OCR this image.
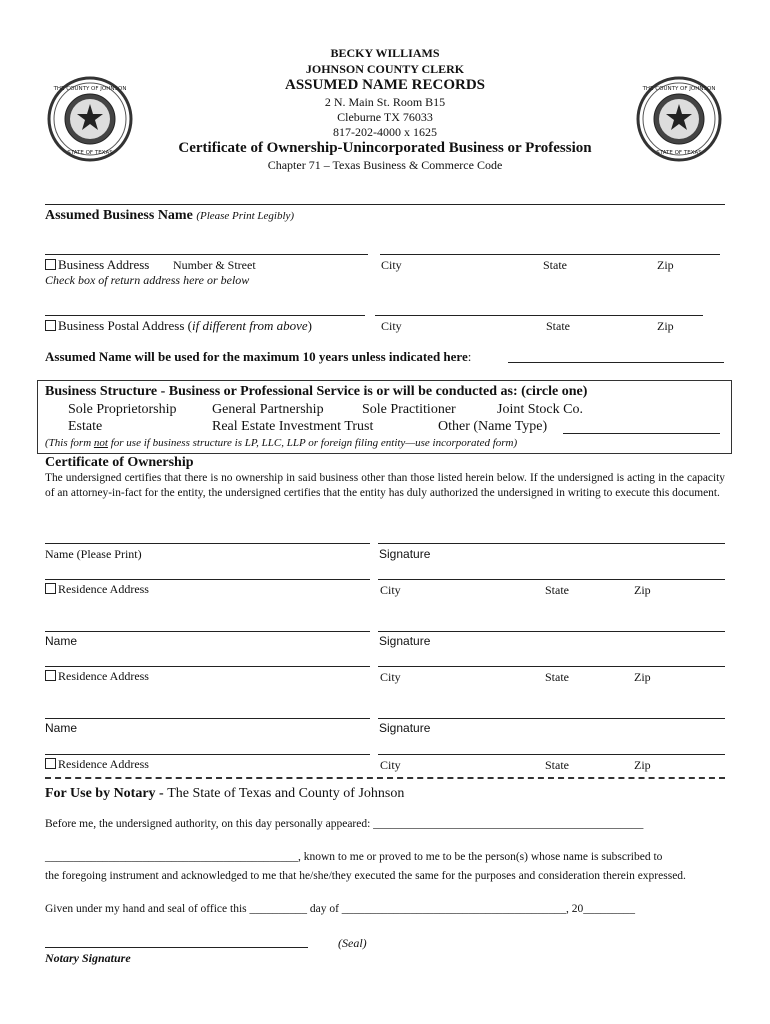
THE COUNTY OF JOHNSON
STATE OF TEXAS
THE COUNTY OF JOHNSON
STATE OF TEXAS
BECKY WILLIAMS
JOHNSON COUNTY CLERK
ASSUMED NAME RECORDS
2 N. Main St. Room B15
Cleburne TX 76033
817-202-4000 x 1625
Certificate of Ownership-Unincorporated Business or Profession
Chapter 71 – Texas Business & Commerce Code
Assumed Business Name (Please Print Legibly)
Business Address Number & Street	City	State	Zip
Check box of return address here or below
Business Postal Address (if different from above)	City	State	Zip
Assumed Name will be used for the maximum 10 years unless indicated here:
Business Structure - Business or Professional Service is or will be conducted as: (circle one)
Sole Proprietorship	General Partnership	Sole Practitioner	Joint Stock Co.
Estate	Real Estate Investment Trust	Other (Name Type)
(This form not for use if business structure is LP, LLC, LLP or foreign filing entity—use incorporated form)
Certificate of Ownership
The undersigned certifies that there is no ownership in said business other than those listed herein below. If the undersigned is acting in the capacity of an attorney-in-fact for the entity, the undersigned certifies that the entity has duly authorized the undersigned in writing to execute this document.
Name (Please Print)	Signature
Residence Address	City	State	Zip
Name	Signature
Residence Address	City	State	Zip
Name	Signature
Residence Address	City	State	Zip
For Use by Notary - The State of Texas and County of Johnson
Before me, the undersigned authority, on this day personally appeared: _______________________________________________
____________________________________________, known to me or proved to me to be the person(s) whose name is subscribed to
the foregoing instrument and acknowledged to me that he/she/they executed the same for the purposes and consideration therein expressed.
Given under my hand and seal of office this __________ day of _______________________________________, 20_________
(Seal)
Notary Signature
